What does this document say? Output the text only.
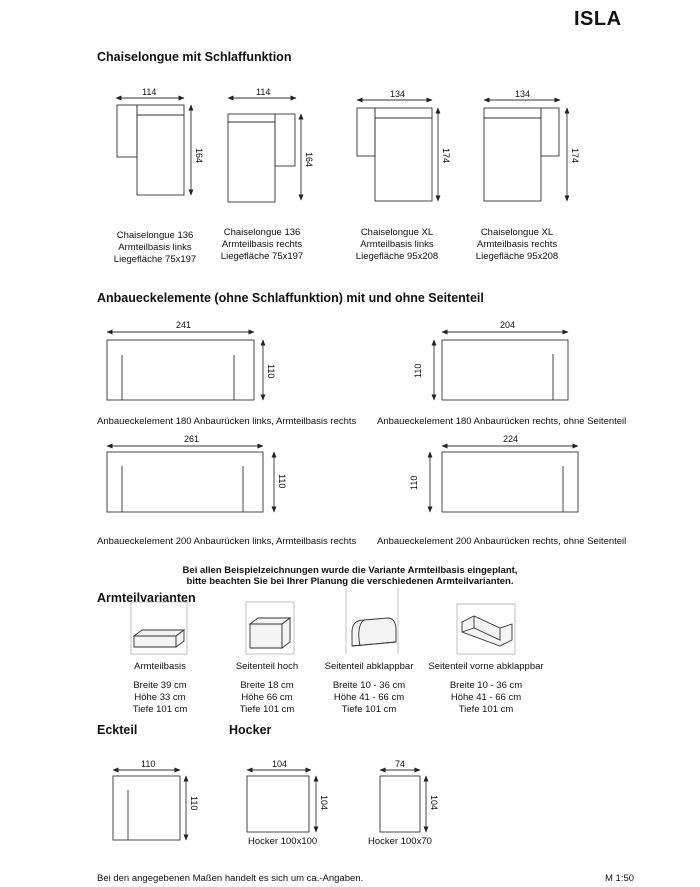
ISLA
Chaiselongue mit Schlaffunktion
Anbaueckelemente (ohne Schlaffunktion) mit und ohne Seitenteil
Armteilvarianten
Eckteil	Hocker
114
164
114
164
134
174
134
174
241
110
204
110
261
110
224
110
110
110
104
104
74
104
Chaiselongue 136
Armteilbasis links
Liegefläche 75x197
Chaiselongue 136
Armteilbasis rechts
Liegefläche 75x197
Chaiselongue XL
Armteilbasis links
Liegefläche 95x208
Chaiselongue XL
Armteilbasis rechts
Liegefläche 95x208
Anbaueckelement 180 Anbaurücken links, Armteilbasis rechts Anbaueckelement 180 Anbaurücken rechts, ohne Seitenteil
Anbaueckelement 200 Anbaurücken links, Armteilbasis rechts Anbaueckelement 200 Anbaurücken rechts, ohne Seitenteil
Bei allen Beispielzeichnungen wurde die Variante Armteilbasis eingeplant,
bitte beachten Sie bei Ihrer Planung die verschiedenen Armteilvarianten.
Armteilbasis
Breite 39 cm
Höhe 33 cm
Tiefe 101 cm
Seitenteil hoch
Breite 18 cm
Höhe 66 cm
Tiefe 101 cm
Seitenteil abklappbar
Breite 10 - 36 cm
Höhe 41 - 66 cm
Tiefe 101 cm
Seitenteil vorne abklappbar
Breite 10 - 36 cm
Höhe 41 - 66 cm
Tiefe 101 cm
Hocker 100x100	Hocker 100x70
Bei den angegebenen Maßen handelt es sich um ca.-Angaben.	M 1:50
